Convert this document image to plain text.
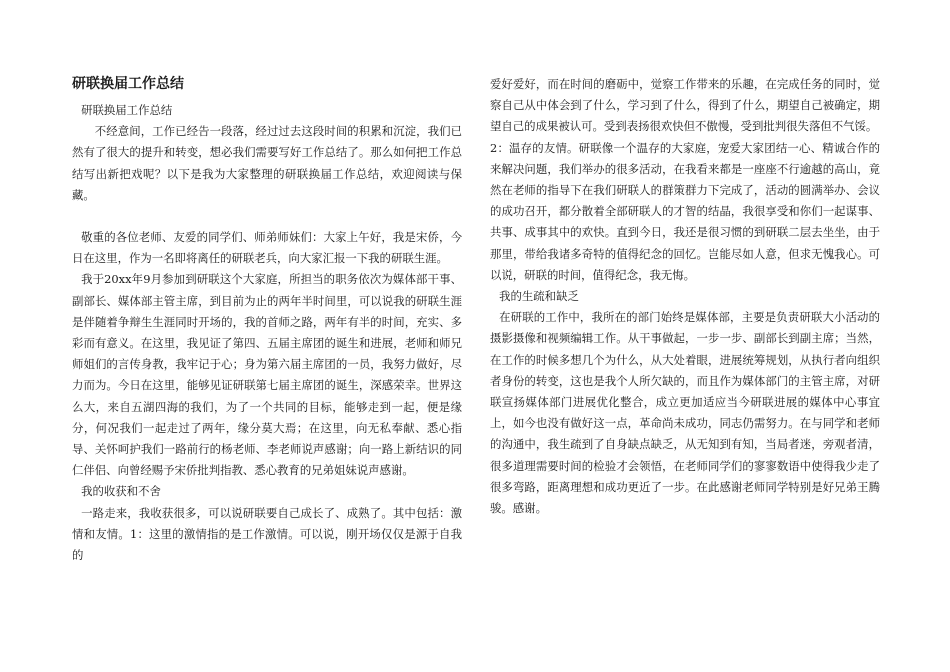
研联换届工作总结

研联换届工作总结

不经意间，工作已经告一段落，经过过去这段时间的积累和沉淀，我们已然有了很大的提升和转变，想必我们需要写好工作总结了。那么如何把工作总结写出新把戏呢？以下是我为大家整理的研联换届工作总结，欢迎阅读与保藏。

敬重的各位老师、友爱的同学们、师弟师妹们：大家上午好，我是宋侨，今日在这里，作为一名即将离任的研联老兵，向大家汇报一下我的研联生涯。

我于20xx年9月参加到研联这个大家庭，所担当的职务依次为媒体部干事、副部长、媒体部主管主席，到目前为止的两年半时间里，可以说我的研联生涯是伴随着争辩生生涯同时开场的，我的首师之路，两年有半的时间，充实、多彩而有意义。在这里，我见证了第四、五届主席团的诞生和进展，老师和师兄师姐们的言传身教，我牢记于心；身为第六届主席团的一员，我努力做好，尽力而为。今日在这里，能够见证研联第七届主席团的诞生，深感荣幸。世界这么大，来自五湖四海的我们，为了一个共同的目标，能够走到一起，便是缘分，何况我们一起走过了两年，缘分莫大焉；在这里，向无私奉献、悉心指导、关怀呵护我们一路前行的杨老师、李老师说声感谢；向一路上新结识的同仁伴侣、向曾经赐予宋侨批判指教、悉心教育的兄弟姐妹说声感谢。

我的收获和不舍

一路走来，我收获很多，可以说研联要自己成长了、成熟了。其中包括：激情和友情。1：这里的激情指的是工作激情。可以说，刚开场仅仅是源于自我的

爱好爱好，而在时间的磨砺中，觉察工作带来的乐趣，在完成任务的同时，觉察自己从中体会到了什么，学习到了什么，得到了什么，期望自己被确定，期望自己的成果被认可。受到表扬很欢快但不傲慢，受到批判很失落但不气馁。

2：温存的友情。研联像一个温存的大家庭，宠爱大家团结一心、精诚合作的来解决问题，我们举办的很多活动，在我看来都是一座座不行逾越的高山，竟然在老师的指导下在我们研联人的群策群力下完成了，活动的圆满举办、会议的成功召开，都分散着全部研联人的才智的结晶，我很享受和你们一起谋事、共事、成事其中的欢快。直到今日，我还是很习惯的到研联二层去坐坐，由于那里，带给我诸多奇特的值得纪念的回忆。岂能尽如人意，但求无愧我心。可以说，研联的时间，值得纪念，我无悔。

我的生疏和缺乏

在研联的工作中，我所在的部门始终是媒体部，主要是负责研联大小活动的摄影摄像和视频编辑工作。从干事做起，一步一步、副部长到副主席；当然，在工作的时候多想几个为什么，从大处着眼，进展统筹规划，从执行者向组织者身份的转变，这也是我个人所欠缺的，而且作为媒体部门的主管主席，对研联宣扬媒体部门进展优化整合，成立更加适应当今研联进展的媒体中心事宜上，如今也没有做好这一点，革命尚未成功，同志仍需努力。在与同学和老师的沟通中，我生疏到了自身缺点缺乏，从无知到有知，当局者迷，旁观者清，很多道理需要时间的检验才会领悟，在老师同学们的寥寥数语中使得我少走了很多弯路，距离理想和成功更近了一步。在此感谢老师同学特别是好兄弟王腾骏。感谢。
